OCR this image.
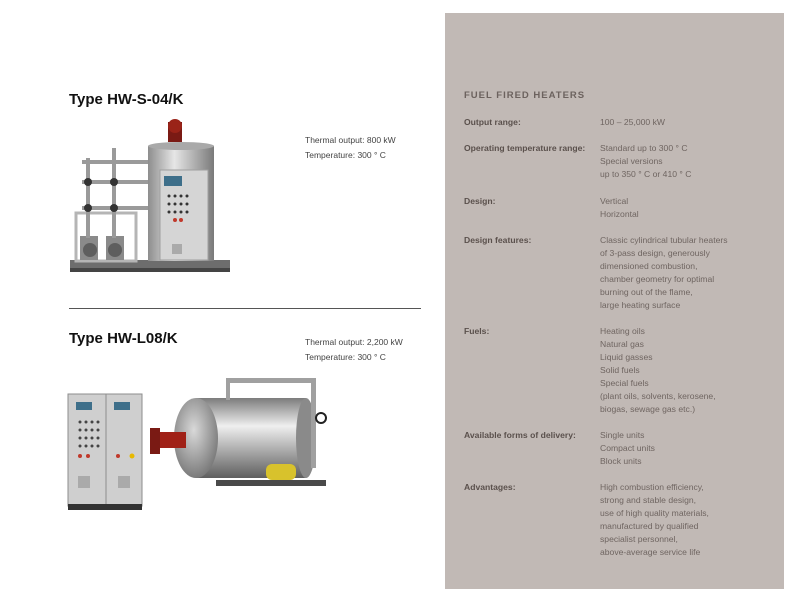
Type HW-S-04/K
Thermal output: 800 kW
Temperature: 300 ° C
Type HW-L08/K	Thermal output: 2,200 kW
Temperature: 300 ° C
FUEL FIRED HEATERS
Output range:	100 – 25,000 kW
Operating temperature range:	Standard up to 300 ° C
Special versions
up to 350 ° C or 410 ° C
Design:	Vertical
Horizontal
Design features:	Classic cylindrical tubular heaters
of 3-pass design, generously
dimensioned combustion,
chamber geometry for optimal
burning out of the flame,
large heating surface
Fuels:	Heating oils
Natural gas
Liquid gasses
Solid fuels
Special fuels
(plant oils, solvents, kerosene,
biogas, sewage gas etc.)
Available forms of delivery:	Single units
Compact units
Block units
Advantages:	High combustion efficiency,
strong and stable design,
use of high quality materials,
manufactured by qualified
specialist personnel,
above-average service life
